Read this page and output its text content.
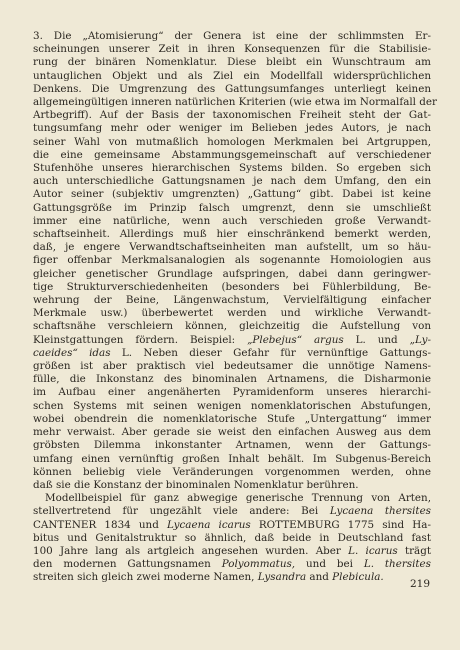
3. Die „Atomisierung“ der Genera ist eine der schlimmsten Er-
scheinungen unserer Zeit in ihren Konsequenzen für die Stabilisie-
rung der binären Nomenklatur. Diese bleibt ein Wunschtraum am
untauglichen Objekt und als Ziel ein Modellfall widersprüchlichen
Denkens. Die Umgrenzung des Gattungsumfanges unterliegt keinen
allgemeingültigen inneren natürlichen Kriterien (wie etwa im Normalfall der
Artbegriff). Auf der Basis der taxonomischen Freiheit steht der Gat-
tungsumfang mehr oder weniger im Belieben jedes Autors, je nach
seiner Wahl von mutmaßlich homologen Merkmalen bei Artgruppen,
die eine gemeinsame Abstammungsgemeinschaft auf verschiedener
Stufenhöhe unseres hierarchischen Systems bilden. So ergeben sich
auch unterschiedliche Gattungsnamen je nach dem Umfang, den ein
Autor seiner (subjektiv umgrenzten) „Gattung“ gibt. Dabei ist keine
Gattungsgröße im Prinzip falsch umgrenzt, denn sie umschließt
immer eine natürliche, wenn auch verschieden große Verwandt-
schaftseinheit. Allerdings muß hier einschränkend bemerkt werden,
daß, je engere Verwandtschaftseinheiten man aufstellt, um so häu-
figer offenbar Merkmalsanalogien als sogenannte Homoiologien aus
gleicher genetischer Grundlage aufspringen, dabei dann geringwer-
tige Strukturverschiedenheiten (besonders bei Fühlerbildung, Be-
wehrung der Beine, Längenwachstum, Vervielfältigung einfacher
Merkmale usw.) überbewertet werden und wirkliche Verwandt-
schaftsnähe verschleiern können, gleichzeitig die Aufstellung von
Kleinstgattungen fördern. Beispiel: „Plebejus“ argus L. und „Ly-
caeides“ idas L. Neben dieser Gefahr für vernünftige Gattungs-
größen ist aber praktisch viel bedeutsamer die unnötige Namens-
fülle, die Inkonstanz des binominalen Artnamens, die Disharmonie
im Aufbau einer angenäherten Pyramidenform unseres hierarchi-
schen Systems mit seinen wenigen nomenklatorischen Abstufungen,
wobei obendrein die nomenklatorische Stufe „Untergattung“ immer
mehr verwaist. Aber gerade sie weist den einfachen Ausweg aus dem
gröbsten Dilemma inkonstanter Artnamen, wenn der Gattungs-
umfang einen vernünftig großen Inhalt behält. Im Subgenus-Bereich
können beliebig viele Veränderungen vorgenommen werden, ohne
daß sie die Konstanz der binominalen Nomenklatur berühren.

Modellbeispiel für ganz abwegige generische Trennung von Arten,
stellvertretend für ungezählt viele andere: Bei Lycaena thersites
CANTENER 1834 und Lycaena icarus ROTTEMBURG 1775 sind Ha-
bitus und Genitalstruktur so ähnlich, daß beide in Deutschland fast
100 Jahre lang als artgleich angesehen wurden. Aber L. icarus trägt
den modernen Gattungsnamen Polyommatus, und bei L. thersites
streiten sich gleich zwei moderne Namen, Lysandra and Plebicula.

219
